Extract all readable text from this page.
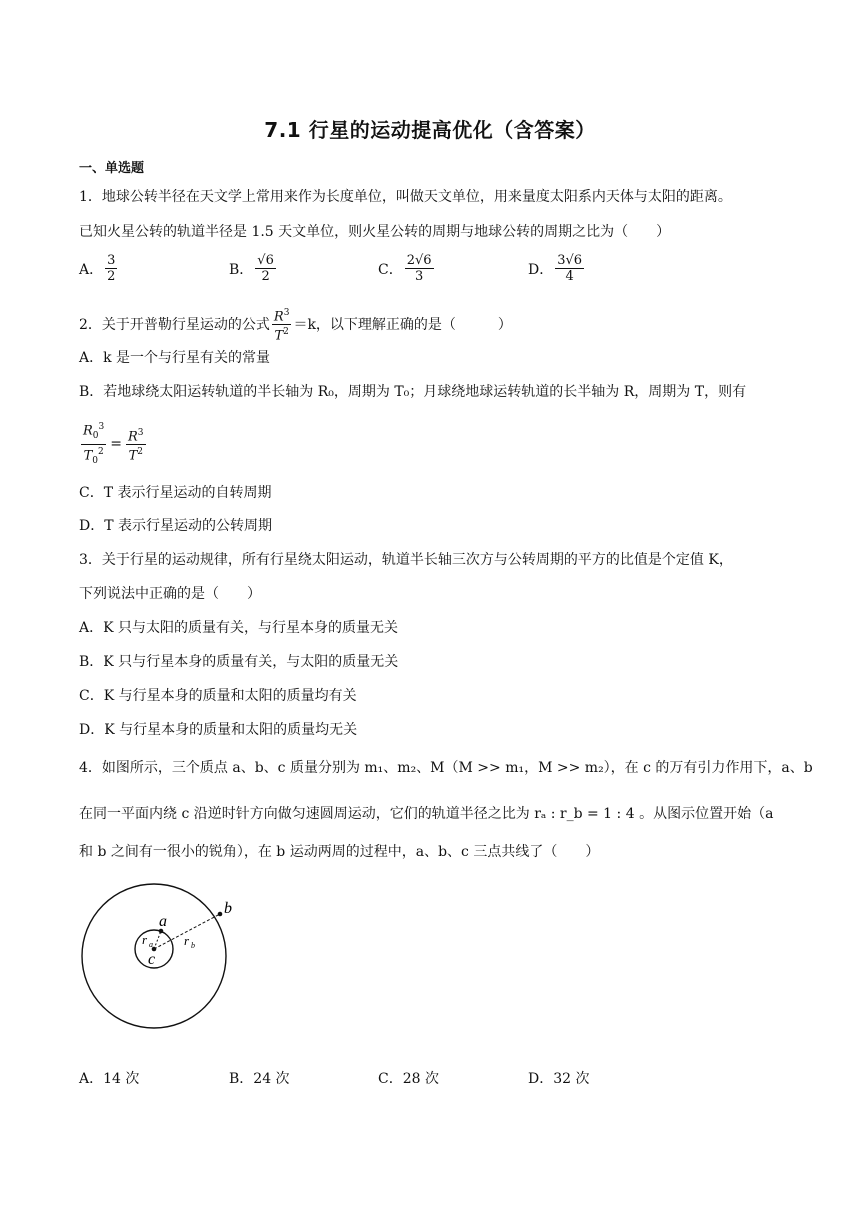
7.1 行星的运动提高优化（含答案）
一、单选题
1．地球公转半径在天文学上常用来作为长度单位，叫做天文单位，用来量度太阳系内天体与太阳的距离。
已知火星公转的轨道半径是 1.5 天文单位，则火星公转的周期与地球公转的周期之比为（　　）
A． $\frac{3}{2}$	B． $\frac{√6}{2}$	C． $\frac{2√6}{3}$	D． $\frac{3√6}{4}$
2．关于开普勒行星运动的公式 $\frac{R^3}{T^2} =k$，以下理解正确的是（　　　）
A．k 是一个与行星有关的常量
B．若地球绕太阳运转轨道的半长轴为 R₀，周期为 T₀；月球绕地球运转轨道的长半轴为 R，周期为 T，则有
$\frac{R_0^3}{T_0^2} = \frac{R^3}{T^2}$
C．T 表示行星运动的自转周期
D．T 表示行星运动的公转周期
3．关于行星的运动规律，所有行星绕太阳运动，轨道半长轴三次方与公转周期的平方的比值是个定值 K，
下列说法中正确的是（　　）
A．K 只与太阳的质量有关，与行星本身的质量无关
B．K 只与行星本身的质量有关，与太阳的质量无关
C．K 与行星本身的质量和太阳的质量均有关
D．K 与行星本身的质量和太阳的质量均无关
4．如图所示，三个质点 a、b、c 质量分别为 m₁、m₂、M（M >> m₁，M >> m₂），在 c 的万有引力作用下，a、b
在同一平面内绕 c 沿逆时针方向做匀速圆周运动，它们的轨道半径之比为 rₐ : r_b = 1 : 4 。从图示位置开始（a
和 b 之间有一很小的锐角），在 b 运动两周的过程中，a、b、c 三点共线了（　　）
a
b
c
r a r b
A．14 次	B．24 次	C．28 次	D．32 次
